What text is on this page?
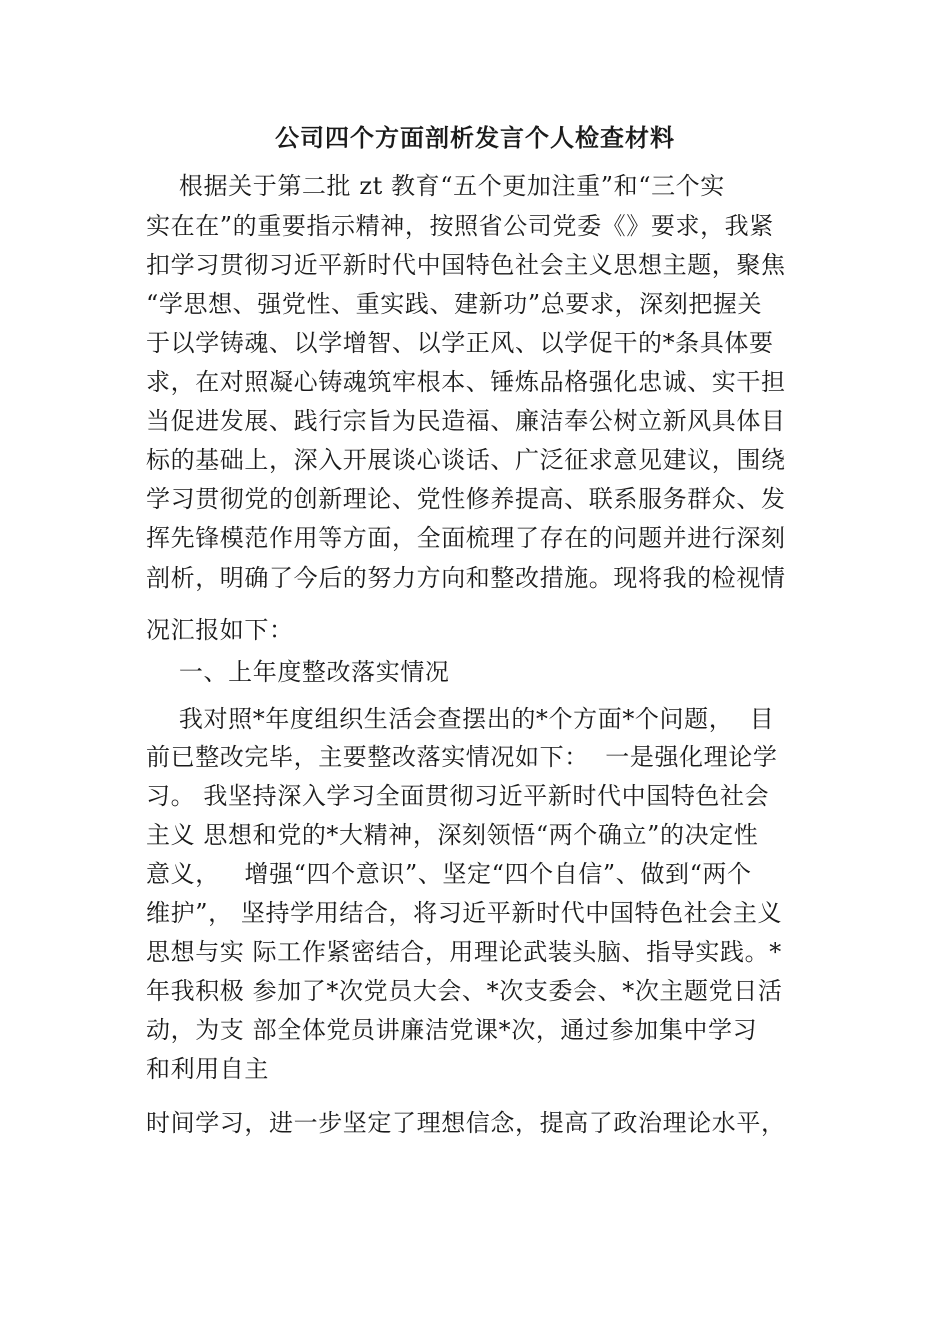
公司四个方面剖析发言个人检查材料
根据关于第二批 zt 教育“五个更加注重”和“三个实
实在在”的重要指示精神，按照省公司党委《》要求，我紧
扣学习贯彻习近平新时代中国特色社会主义思想主题，聚焦
“学思想、强党性、重实践、建新功”总要求，深刻把握关
于以学铸魂、以学增智、以学正风、以学促干的*条具体要
求，在对照凝心铸魂筑牢根本、锤炼品格强化忠诚、实干担
当促进发展、践行宗旨为民造福、廉洁奉公树立新风具体目
标的基础上，深入开展谈心谈话、广泛征求意见建议，围绕
学习贯彻党的创新理论、党性修养提高、联系服务群众、发
挥先锋模范作用等方面，全面梳理了存在的问题并进行深刻
剖析，明确了今后的努力方向和整改措施。现将我的检视情
况汇报如下：
一、上年度整改落实情况
我对照*年度组织生活会查摆出的*个方面*个问题，  目
前已整改完毕，主要整改落实情况如下：  一是强化理论学
习。 我坚持深入学习全面贯彻习近平新时代中国特色社会
主义 思想和党的*大精神，深刻领悟“两个确立”的决定性
意义，   增强“四个意识”、坚定“四个自信”、做到“两个
维护”， 坚持学用结合，将习近平新时代中国特色社会主义
思想与实 际工作紧密结合，用理论武装头脑、指导实践。*
年我积极 参加了*次党员大会、*次支委会、*次主题党日活
动，为支 部全体党员讲廉洁党课*次，通过参加集中学习
和利用自主
时间学习，进一步坚定了理想信念，提高了政治理论水平，
